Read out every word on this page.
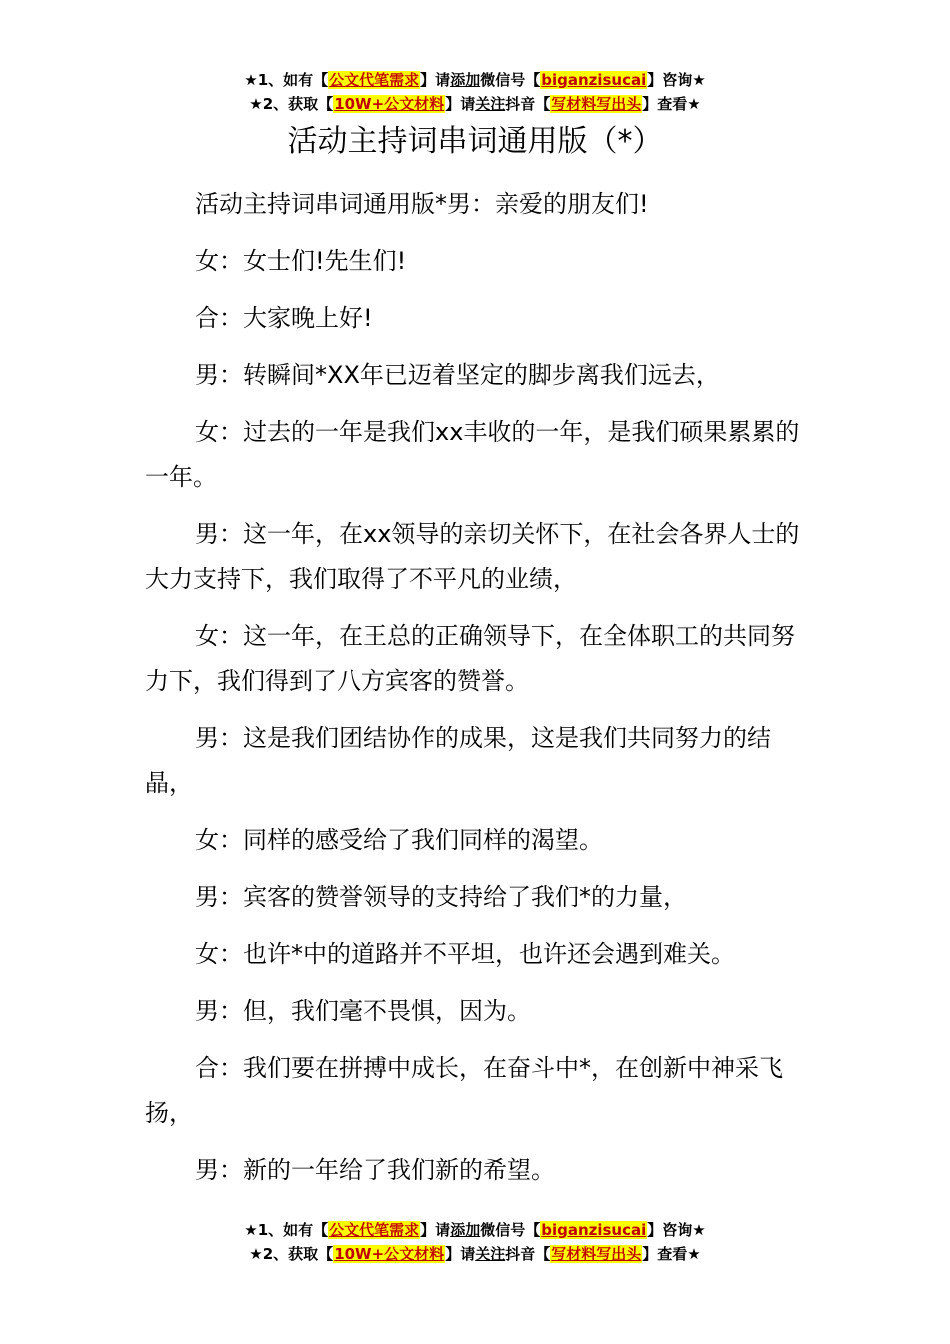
★1、如有【公文代笔需求】请添加微信号【biganzisucai】咨询★
★2、获取【10W+公文材料】请关注抖音【写材料写出头】查看★
活动主持词串词通用版（*）

活动主持词串词通用版*男：亲爱的朋友们!

女：女士们!先生们!

合：大家晚上好!

男：转瞬间*XX年已迈着坚定的脚步离我们远去，

女：过去的一年是我们xx丰收的一年，是我们硕果累累的一年。

男：这一年，在xx领导的亲切关怀下，在社会各界人士的大力支持下，我们取得了不平凡的业绩，

女：这一年，在王总的正确领导下，在全体职工的共同努力下，我们得到了八方宾客的赞誉。

男：这是我们团结协作的成果，这是我们共同努力的结晶，

女：同样的感受给了我们同样的渴望。

男：宾客的赞誉领导的支持给了我们*的力量，

女：也许*中的道路并不平坦，也许还会遇到难关。

男：但，我们毫不畏惧，因为。

合：我们要在拼搏中成长，在奋斗中*，在创新中神采飞扬，

男：新的一年给了我们新的希望。

★1、如有【公文代笔需求】请添加微信号【biganzisucai】咨询★
★2、获取【10W+公文材料】请关注抖音【写材料写出头】查看★
